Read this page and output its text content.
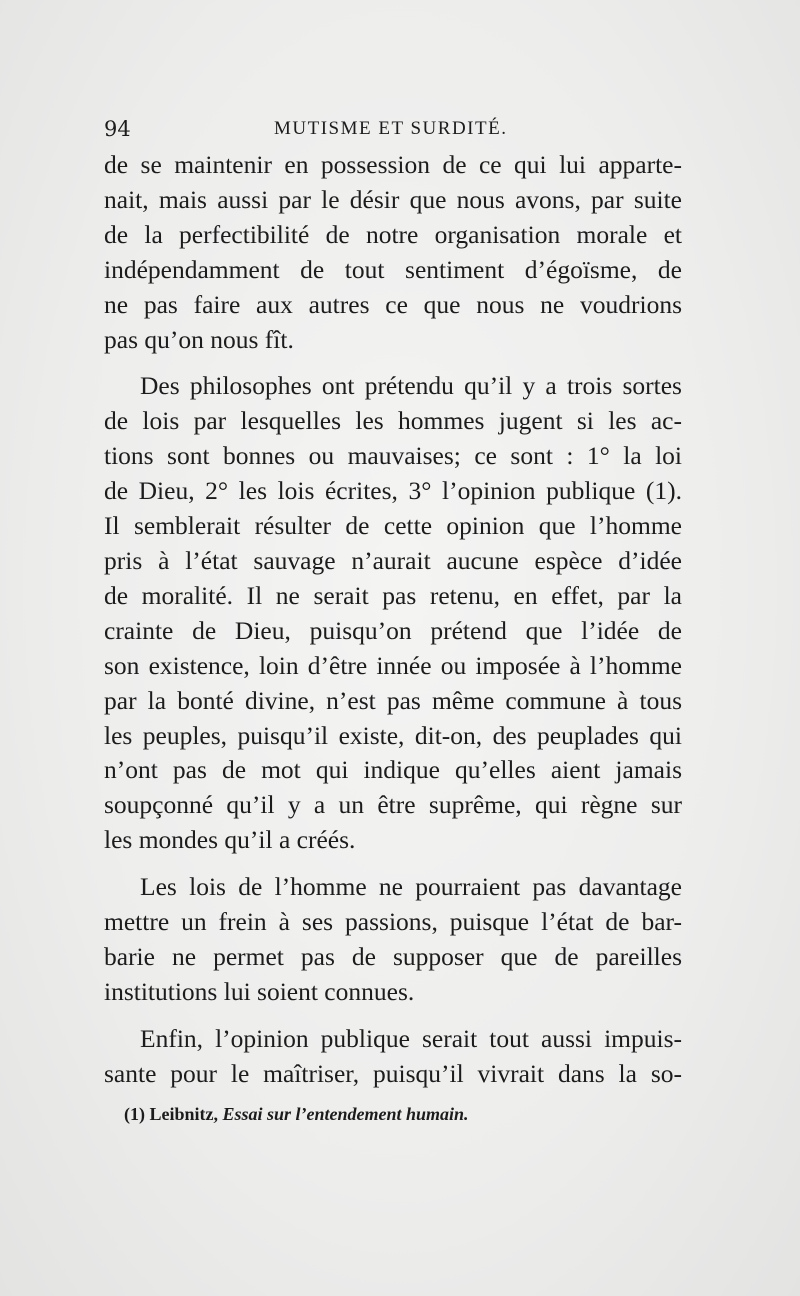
94	MUTISME ET SURDITÉ.

de se maintenir en possession de ce qui lui apparte-
nait, mais aussi par le désir que nous avons, par suite
de la perfectibilité de notre organisation morale et
indépendamment de tout sentiment d’égoïsme, de
ne pas faire aux autres ce que nous ne voudrions
pas qu’on nous fît.

Des philosophes ont prétendu qu’il y a trois sortes
de lois par lesquelles les hommes jugent si les ac-
tions sont bonnes ou mauvaises; ce sont : 1° la loi
de Dieu, 2° les lois écrites, 3° l’opinion publique (1).
Il semblerait résulter de cette opinion que l’homme
pris à l’état sauvage n’aurait aucune espèce d’idée
de moralité. Il ne serait pas retenu, en effet, par la
crainte de Dieu, puisqu’on prétend que l’idée de
son existence, loin d’être innée ou imposée à l’homme
par la bonté divine, n’est pas même commune à tous
les peuples, puisqu’il existe, dit-on, des peuplades qui
n’ont pas de mot qui indique qu’elles aient jamais
soupçonné qu’il y a un être suprême, qui règne sur
les mondes qu’il a créés.

Les lois de l’homme ne pourraient pas davantage
mettre un frein à ses passions, puisque l’état de bar-
barie ne permet pas de supposer que de pareilles
institutions lui soient connues.

Enfin, l’opinion publique serait tout aussi impuis-
sante pour le maîtriser, puisqu’il vivrait dans la so-

(1) Leibnitz, Essai sur l’entendement humain.
